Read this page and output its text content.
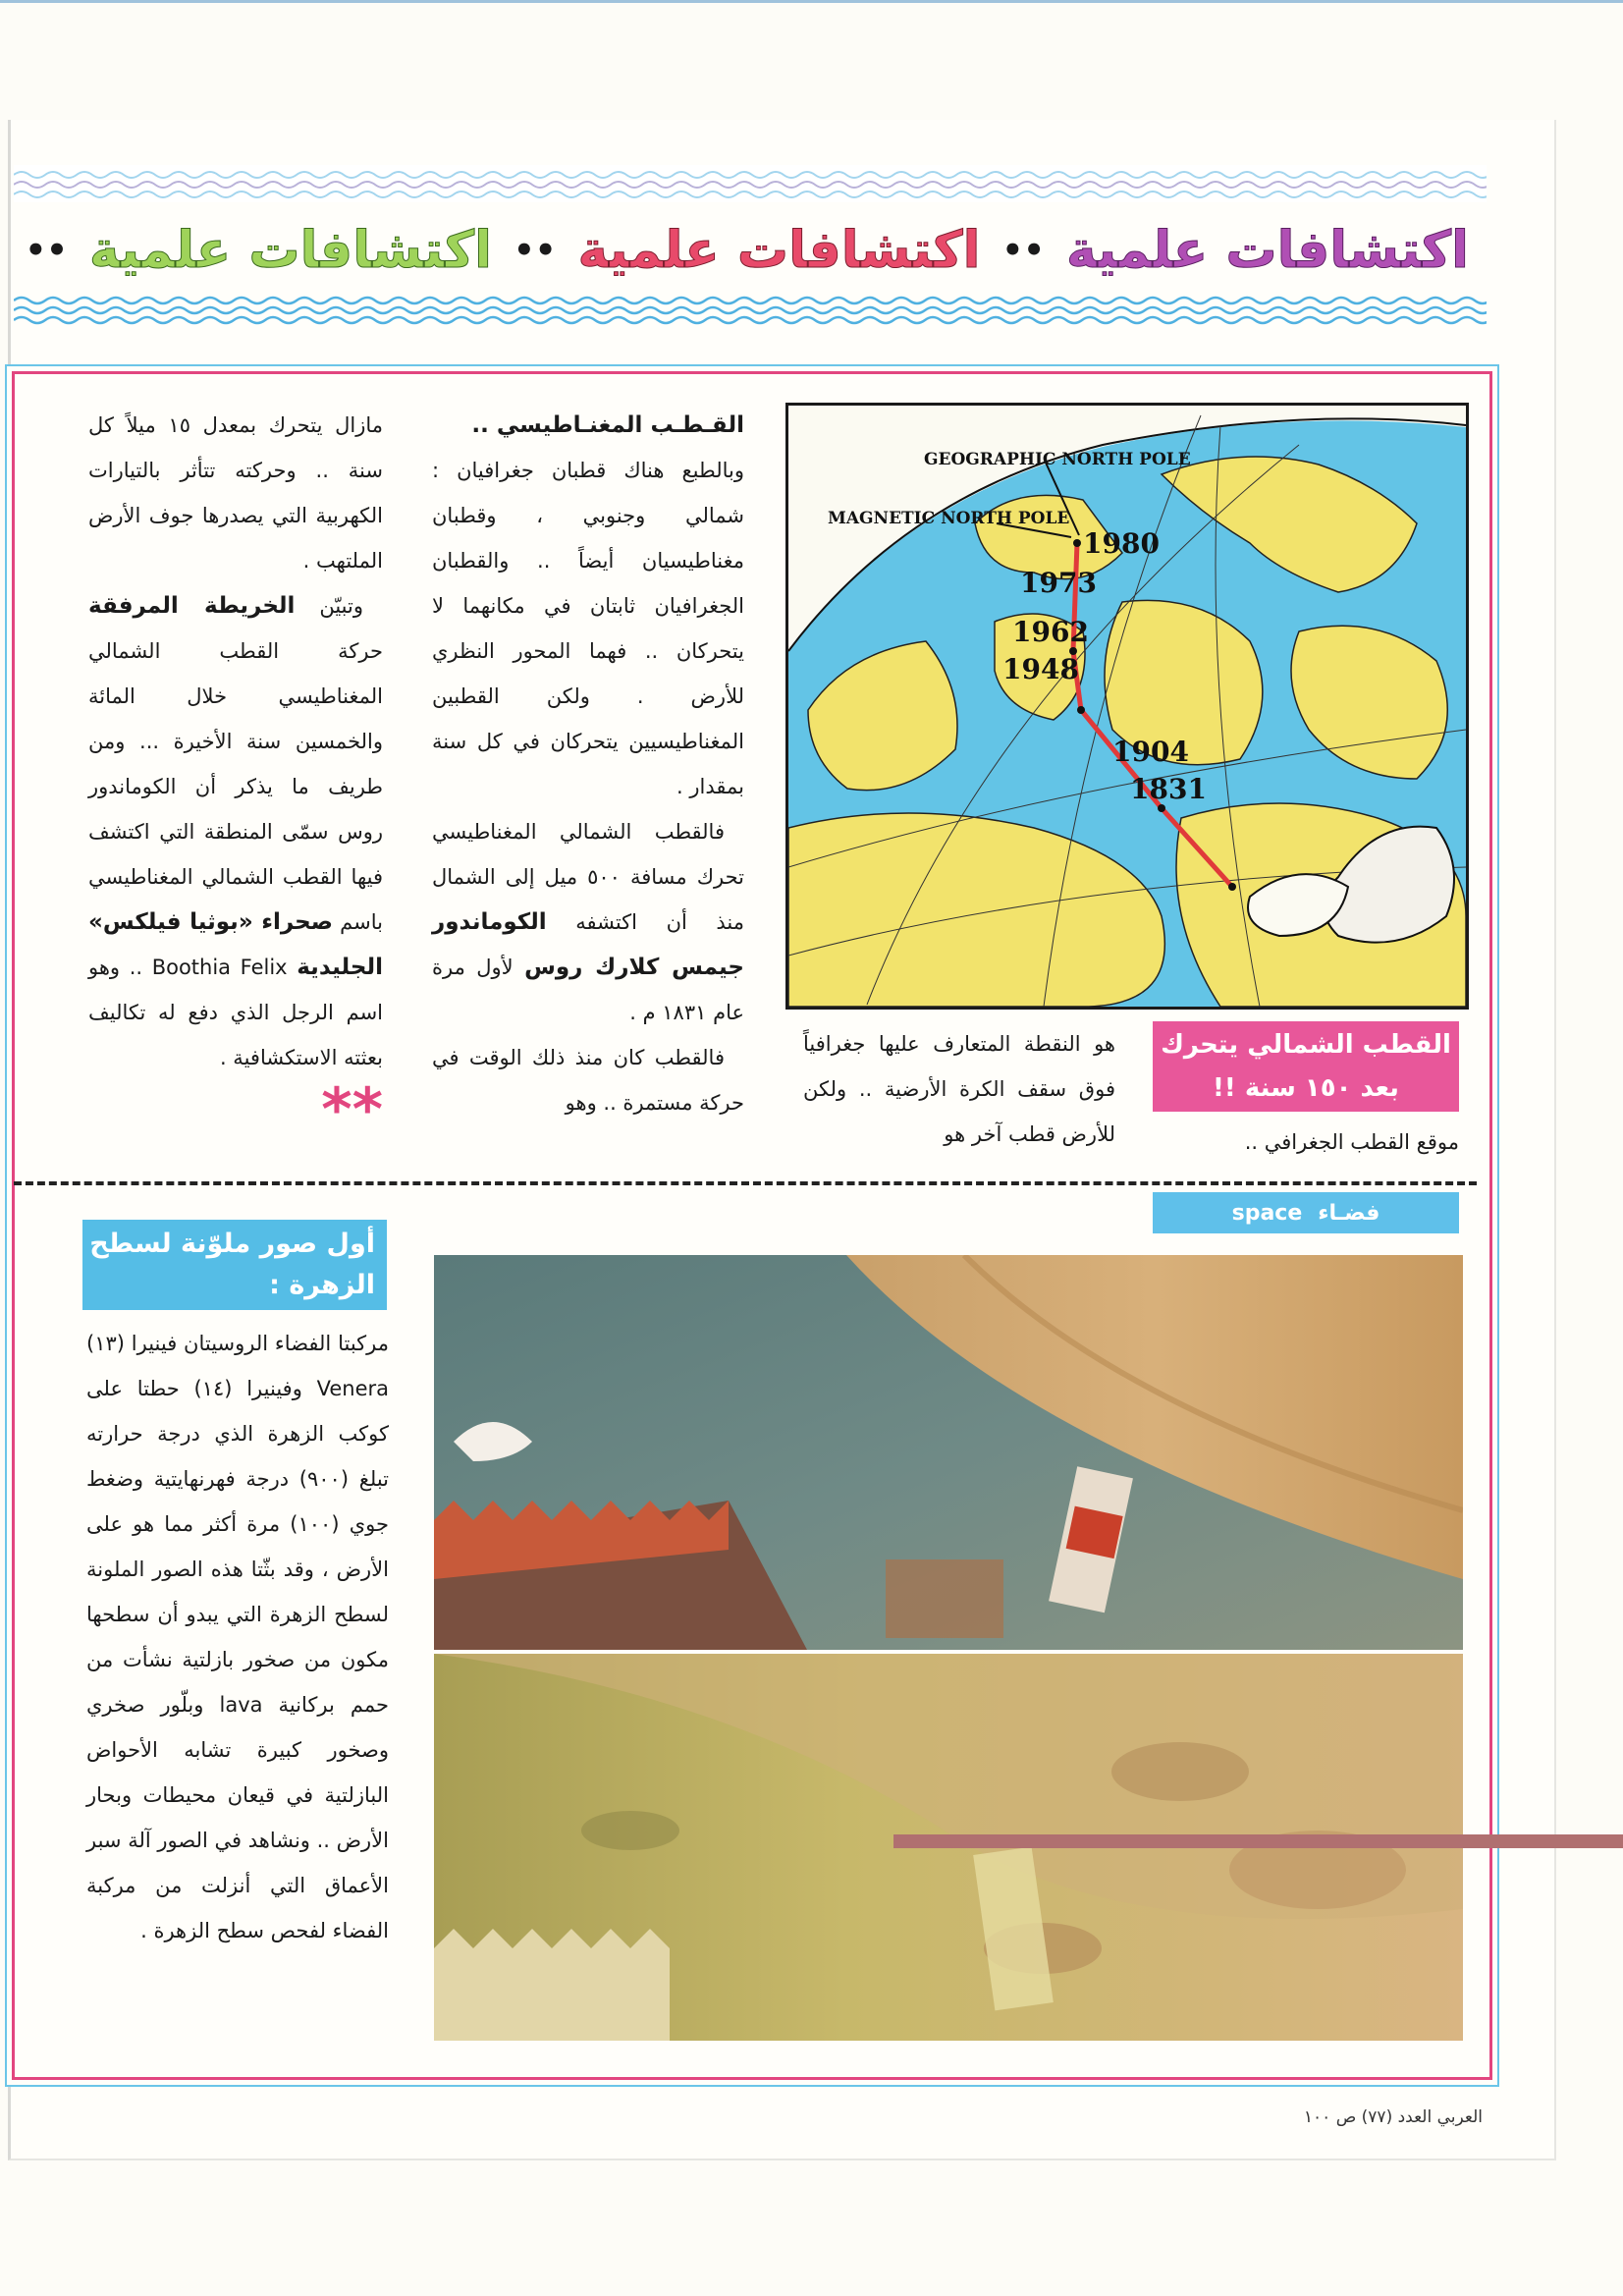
اكتشافات علمية
••
اكتشافات علمية
••
اكتشافات علمية
••

القـطـب المغنـاطيسي ..

وبالطبع هناك قطبان جغرافيان : شمالي وجنوبي ، وقطبان مغناطيسيان أيضاً .. والقطبان الجغرافيان ثابتان في مكانهما لا يتحركان .. فهما المحور النظري للأرض . ولكن القطبين المغناطيسيين يتحركان في كل سنة بمقدار .

فالقطب الشمالي المغناطيسي تحرك مسافة ٥٠٠ ميل إلى الشمال منذ أن اكتشفه الكوماندور جيمس كلارك روس لأول مرة عام ١٨٣١ م .

فالقطب كان منذ ذلك الوقت في حركة مستمرة .. وهو

مازال يتحرك بمعدل ١٥ ميلاً كل سنة .. وحركته تتأثر بالتيارات الكهربية التي يصدرها جوف الأرض الملتهب .

وتبيّن الخريطة المرفقة حركة القطب الشمالي المغناطيسي خلال المائة والخمسين سنة الأخيرة ... ومن طريف ما يذكر أن الكوماندور روس سمّى المنطقة التي اكتشف فيها القطب الشمالي المغناطيسي باسم صحراء «بوثيا فيلكس» الجليدية Boothia Felix .. وهو اسم الرجل الذي دفع له تكاليف بعثته الاستكشافية .

**

GEOGRAPHIC NORTH POLE
MAGNETIC NORTH POLE
1980
1973
1962
1948
1904
1831
القطب الشمالي يتحرك
بعد ١٥٠ سنة !!
موقع القطب الجغرافي ..
هو النقطة المتعارف عليها جغرافياً فوق سقف الكرة الأرضية .. ولكن للأرض قطب آخر هو
فضـاء
space
أول صور ملوّنة لسطح الزهرة :

مركبتا الفضاء الروسيتان فينيرا (١٣) Venera وفينيرا (١٤) حطتا على كوكب الزهرة الذي درجة حرارته تبلغ (٩٠٠) درجة فهرنهايتية وضغط جوي (١٠٠) مرة أكثر مما هو على الأرض ، وقد بثّتا هذه الصور الملونة لسطح الزهرة التي يبدو أن سطحها مكون من صخور بازلتية نشأت من حمم بركانية lava وبلّور صخري وصخور كبيرة تشابه الأحواض البازلتية في قيعان محيطات وبحار الأرض .. ونشاهد في الصور آلة سبر الأعماق التي أنزلت من مركبة الفضاء لفحص سطح الزهرة .

العربي العدد (٧٧) ص ١٠٠
